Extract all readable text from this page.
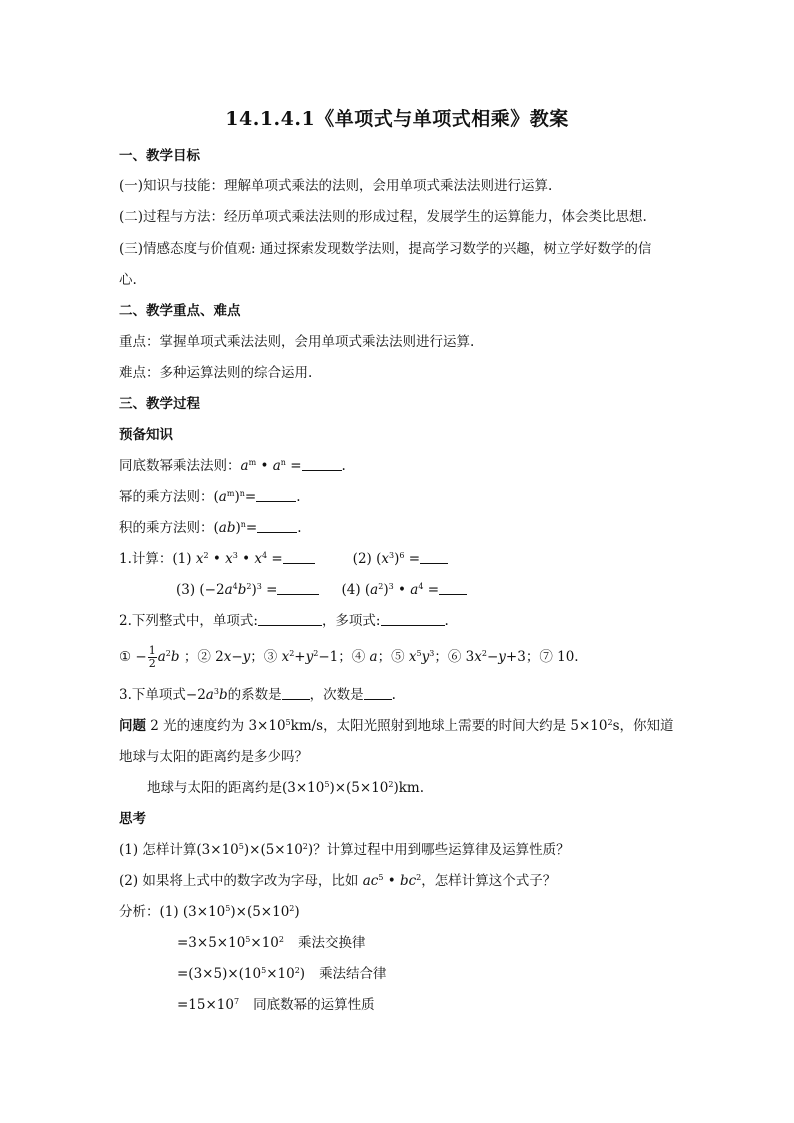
14.1.4.1《单项式与单项式相乘》教案
一、教学目标
(一)知识与技能：理解单项式乘法的法则，会用单项式乘法法则进行运算.
(二)过程与方法：经历单项式乘法法则的形成过程，发展学生的运算能力，体会类比思想.
(三)情感态度与价值观: 通过探索发现数学法则，提高学习数学的兴趣，树立学好数学的信
心.
二、教学重点、难点
重点：掌握单项式乘法法则，会用单项式乘法法则进行运算.
难点：多种运算法则的综合运用.
三、教学过程
预备知识
同底数幂乘法法则：$a^m$ • $a^n$ =	.
幂的乘方法则：$(a^m)^n=$	.
积的乘方法则：(ab)$^n$=	.
1.计算：(1) $x^2$ • $x^3$ • $x^4$ =	(2) $(x^3)^6$ =
(3) $(-2a^4b^2)^3$ =	(4) $(a^2)^3$ • $a^4$ =
2.下列整式中，单项式:	，多项式:	.
① − $\frac{1}{2} a^2b$ ；② 2x−y；③ $x^2+y^2-1$；④ a；⑤ $x^5y^3$；⑥ $3x^2-y+3$；⑦ 10.
3.下单项式$-2a^3b$的系数是 ，次数是 .
问题 2 光的速度约为 $3\times 10^5km/s$，太阳光照射到地球上需要的时间大约是 $5\times 10^2s$，你知道
地球与太阳的距离约是多少吗？
地球与太阳的距离约是$(3\times 10^5)\times(5\times 10^2)km$.
思考
(1) 怎样计算$(3\times 10^5)\times(5\times 10^2)$？计算过程中用到哪些运算律及运算性质？
(2) 如果将上式中的数字改为字母，比如 $ac^5$ • $bc^2$，怎样计算这个式子？
分析：(1) $(3\times 10^5)\times(5\times 10^2)$
$=3\times 5\times 10^5\times 10^2$ 乘法交换律
$=(3\times 5)\times(10^5\times 10^2)$ 乘法结合律
$=15\times 10^7$ 同底数幂的运算性质
